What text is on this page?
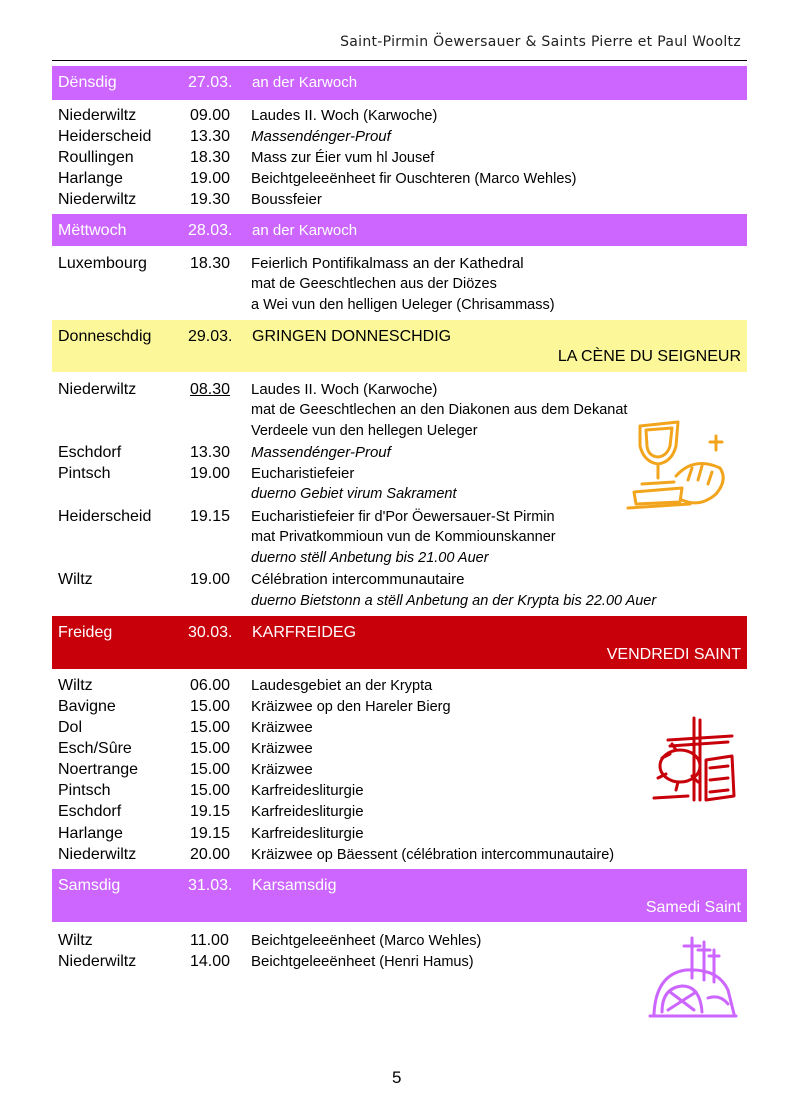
Saint-Pirmin Öewersauer & Saints Pierre et Paul Wooltz
Dënsdig	27.03. an der Karwoch
Niederwiltz	09.00 Laudes II. Woch (Karwoche)
Heiderscheid 13.30 Massendénger-Prouf
Roullingen	18.30 Mass zur Éier vum hl Jousef
Harlange	19.00 Beichtgeleeënheet fir Ouschteren (Marco Wehles)
Niederwiltz	19.30 Boussfeier
Mëttwoch	28.03. an der Karwoch
Luxembourg	18.30 Feierlich Pontifikalmass an der Kathedral
mat de Geeschtlechen aus der Diözes
a Wei vun den helligen Ueleger (Chrisammass)
Donneschdig 29.03. GRINGEN DONNESCHDIG
LA CÈNE DU SEIGNEUR
Niederwiltz	08.30 Laudes II. Woch (Karwoche)
mat de Geeschtlechen an den Diakonen aus dem Dekanat
Verdeele vun den hellegen Ueleger
Eschdorf	13.30 Massendénger-Prouf
Pintsch	19.00 Eucharistiefeier
duerno Gebiet virum Sakrament
Heiderscheid 19.15 Eucharistiefeier fir d'Por Öewersauer-St Pirmin
mat Privatkommioun vun de Kommiounskanner
duerno stëll Anbetung bis 21.00 Auer
Wiltz	19.00 Célébration intercommunautaire
duerno Bietstonn a stëll Anbetung an der Krypta bis 22.00 Auer
Freideg	30.03. KARFREIDEG
VENDREDI SAINT
Wiltz	06.00 Laudesgebiet an der Krypta
Bavigne	15.00 Kräizwee op den Hareler Bierg
Dol	15.00 Kräizwee
Esch/Sûre	15.00 Kräizwee
Noertrange	15.00 Kräizwee
Pintsch	15.00 Karfreidesliturgie
Eschdorf	19.15 Karfreidesliturgie
Harlange	19.15 Karfreidesliturgie
Niederwiltz	20.00 Kräizwee op Bäessent (célébration intercommunautaire)
Samsdig	31.03. Karsamsdig
Samedi Saint
Wiltz	11.00 Beichtgeleeënheet (Marco Wehles)
Niederwiltz	14.00 Beichtgeleeënheet (Henri Hamus)
5
